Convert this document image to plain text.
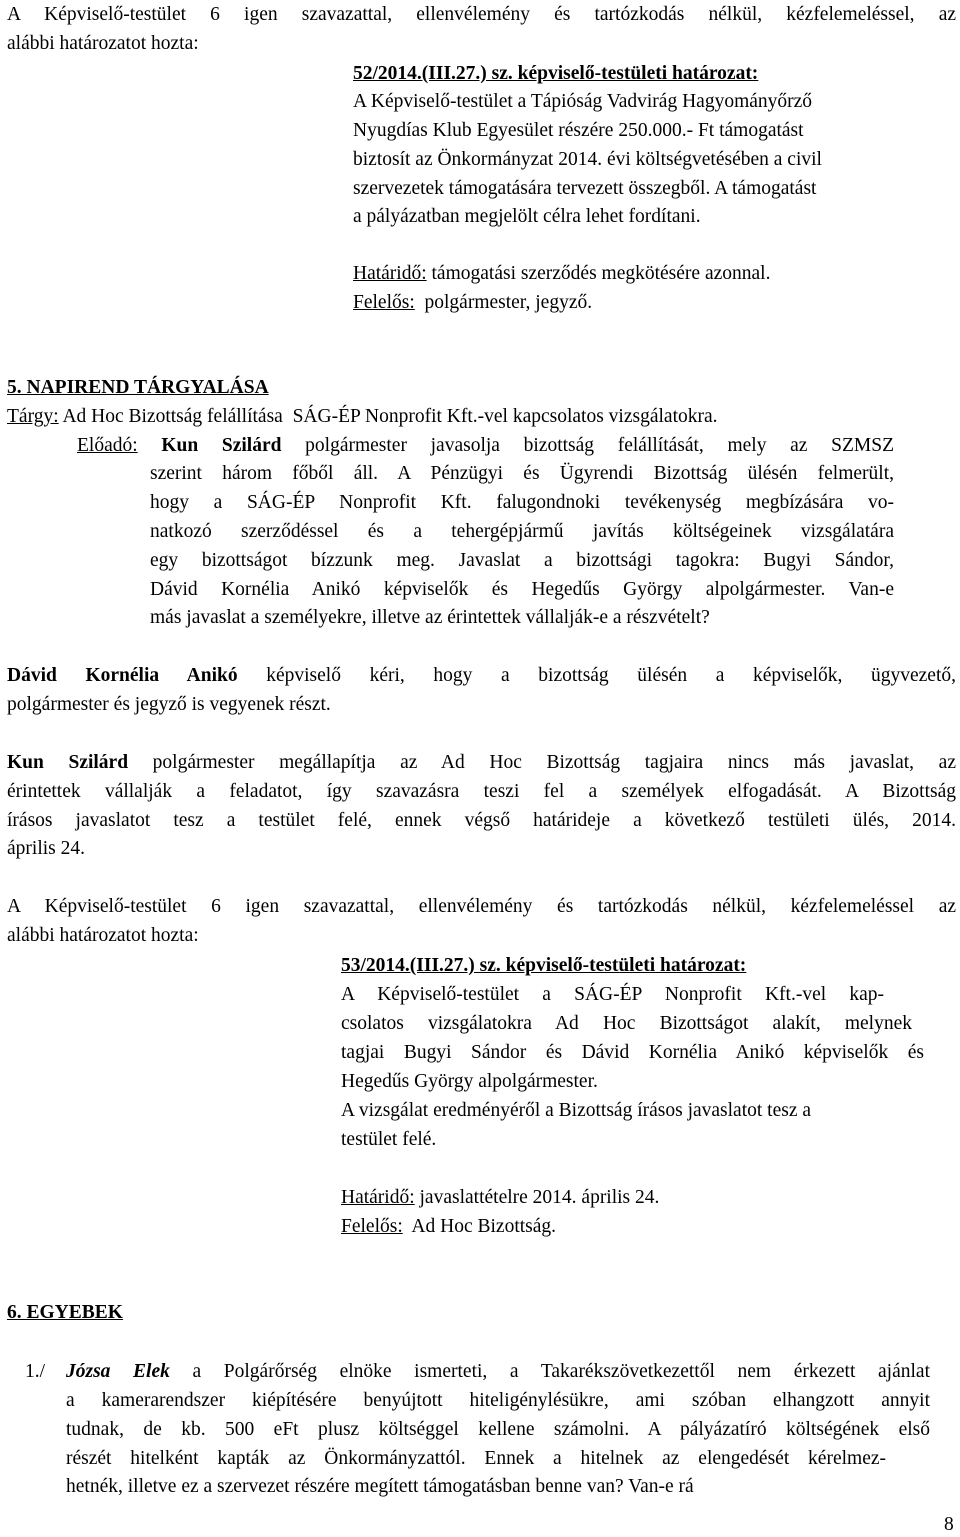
A Képviselő-testület 6 igen szavazattal, ellenvélemény és tartózkodás nélkül, kézfelemeléssel, az
alábbi határozatot hozta:
52/2014.(III.27.) sz. képviselő-testületi határozat:
A Képviselő-testület a Tápióság Vadvirág Hagyományőrző
Nyugdías Klub Egyesület részére 250.000.- Ft támogatást
biztosít az Önkormányzat 2014. évi költségvetésében a civil
szervezetek támogatására tervezett összegből. A támogatást
a pályázatban megjelölt célra lehet fordítani.
Határidő: támogatási szerződés megkötésére azonnal.
Felelős:  polgármester, jegyző.
5. NAPIREND TÁRGYALÁSA
Tárgy: Ad Hoc Bizottság felállítása  SÁG-ÉP Nonprofit Kft.-vel kapcsolatos vizsgálatokra.
Előadó: Kun Szilárd polgármester javasolja bizottság felállítását, mely az SZMSZ
szerint három főből áll. A Pénzügyi és Ügyrendi Bizottság ülésén felmerült,
hogy a SÁG-ÉP Nonprofit Kft. falugondnoki tevékenység megbízására vo-
natkozó szerződéssel és a tehergépjármű javítás költségeinek vizsgálatára
egy bizottságot bízzunk meg. Javaslat a bizottsági tagokra: Bugyi Sándor,
Dávid Kornélia Anikó képviselők és Hegedűs György alpolgármester. Van-e
más javaslat a személyekre, illetve az érintettek vállalják-e a részvételt?
Dávid Kornélia Anikó képviselő kéri, hogy a bizottság ülésén a képviselők, ügyvezető,
polgármester és jegyző is vegyenek részt.
Kun Szilárd polgármester megállapítja az Ad Hoc Bizottság tagjaira nincs más javaslat, az
érintettek vállalják a feladatot, így szavazásra teszi fel a személyek elfogadását. A Bizottság
írásos javaslatot tesz a testület felé, ennek végső határideje a következő testületi ülés, 2014.
április 24.
A Képviselő-testület 6 igen szavazattal, ellenvélemény és tartózkodás nélkül, kézfelemeléssel az
alábbi határozatot hozta:
53/2014.(III.27.) sz. képviselő-testületi határozat:
A Képviselő-testület a SÁG-ÉP Nonprofit Kft.-vel kap-
csolatos vizsgálatokra Ad Hoc Bizottságot alakít, melynek
tagjai Bugyi Sándor és Dávid Kornélia Anikó képviselők és
Hegedűs György alpolgármester.
A vizsgálat eredményéről a Bizottság írásos javaslatot tesz a
testület felé.
Határidő: javaslattételre 2014. április 24.
Felelős:  Ad Hoc Bizottság.
6. EGYEBEK
1./ Józsa Elek a Polgárőrség elnöke ismerteti, a Takarékszövetkezettől nem érkezett ajánlat
a kamerarendszer kiépítésére benyújtott hiteligénylésükre, ami szóban elhangzott annyit
tudnak, de kb. 500 eFt plusz költséggel kellene számolni. A pályázatíró költségének első
részét hitelként kapták az Önkormányzattól. Ennek a hitelnek az elengedését kérelmez-
hetnék, illetve ez a szervezet részére megített támogatásban benne van? Van-e rá
8
